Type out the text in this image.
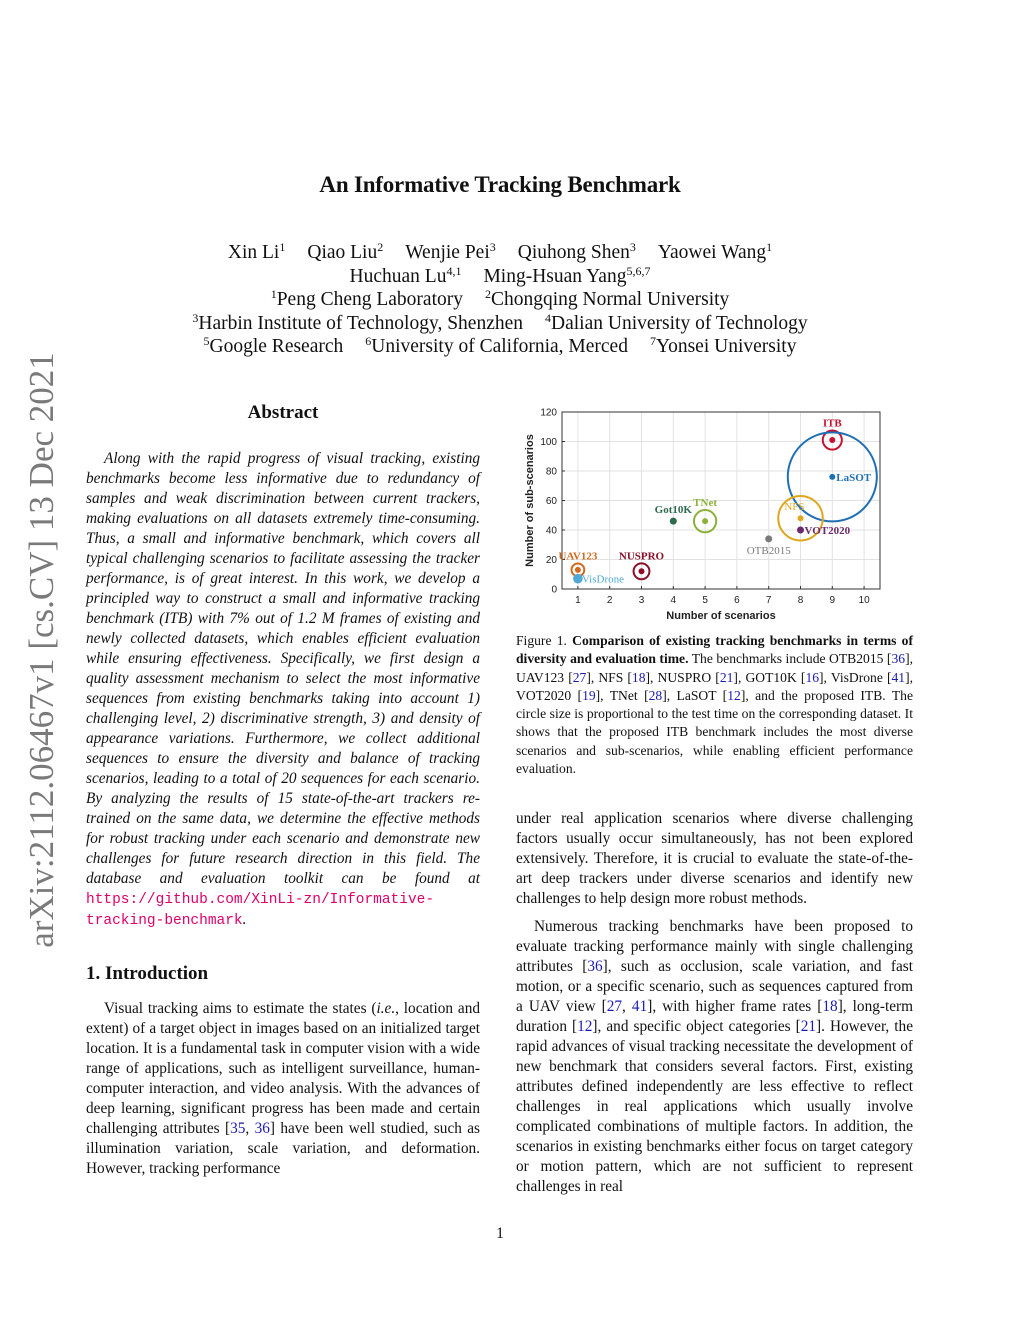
arXiv:2112.06467v1 [cs.CV] 13 Dec 2021
An Informative Tracking Benchmark
Xin Li$^1$ Qiao Liu$^2$ Wenjie Pei$^3$ Qiuhong Shen$^3$ Yaowei Wang$^1$
Huchuan Lu$^{4,1}$ Ming-Hsuan Yang$^{5,6,7}$
$^1$Peng Cheng Laboratory $^2$Chongqing Normal University
$^3$Harbin Institute of Technology, Shenzhen $^4$Dalian University of Technology
$^5$Google Research $^6$University of California, Merced $^7$Yonsei University
Abstract

Along with the rapid progress of visual tracking, existing benchmarks become less informative due to redundancy of samples and weak discrimination between current trackers, making evaluations on all datasets extremely time-consuming. Thus, a small and informative benchmark, which covers all typical challenging scenarios to facilitate assessing the tracker performance, is of great interest. In this work, we develop a principled way to construct a small and informative tracking benchmark (ITB) with 7% out of 1.2 M frames of existing and newly collected datasets, which enables efficient evaluation while ensuring effectiveness. Specifically, we first design a quality assessment mechanism to select the most informative sequences from existing benchmarks taking into account 1) challenging level, 2) discriminative strength, 3) and density of appearance variations. Furthermore, we collect additional sequences to ensure the diversity and balance of tracking scenarios, leading to a total of 20 sequences for each scenario. By analyzing the results of 15 state-of-the-art trackers re-trained on the same data, we determine the effective methods for robust tracking under each scenario and demonstrate new challenges for future research direction in this field. The database and evaluation toolkit can be found at https://github.com/XinLi-zn/Informative-tracking-benchmark.

1. Introduction

Visual tracking aims to estimate the states (i.e., location and extent) of a target object in images based on an initialized target location. It is a fundamental task in computer vision with a wide range of applications, such as intelligent surveillance, human-computer interaction, and video analysis. With the advances of deep learning, significant progress has been made and certain challenging attributes [35, 36] have been well studied, such as illumination variation, scale variation, and deformation. However, tracking performance

1	2	3	4	5	6	7	8	9 10
0
20
40
60
80
100
120
Number of scenarios
Number of sub-scenarios
ITB
LaSOT
NFS
VOT2020
OTB2015
TNet
Got10K
NUSPRO
UAV123
VisDrone
Figure 1. Comparison of existing tracking benchmarks in terms of diversity and evaluation time. The benchmarks include OTB2015 [36], UAV123 [27], NFS [18], NUSPRO [21], GOT10K [16], VisDrone [41], VOT2020 [19], TNet [28], LaSOT [12], and the proposed ITB. The circle size is proportional to the test time on the corresponding dataset. It shows that the proposed ITB benchmark includes the most diverse scenarios and sub-scenarios, while enabling efficient performance evaluation.

under real application scenarios where diverse challenging factors usually occur simultaneously, has not been explored extensively. Therefore, it is crucial to evaluate the state-of-the-art deep trackers under diverse scenarios and identify new challenges to help design more robust methods.

Numerous tracking benchmarks have been proposed to evaluate tracking performance mainly with single challenging attributes [36], such as occlusion, scale variation, and fast motion, or a specific scenario, such as sequences captured from a UAV view [27, 41], with higher frame rates [18], long-term duration [12], and specific object categories [21]. However, the rapid advances of visual tracking necessitate the development of new benchmark that considers several factors. First, existing attributes defined independently are less effective to reflect challenges in real applications which usually involve complicated combinations of multiple factors. In addition, the scenarios in existing benchmarks either focus on target category or motion pattern, which are not sufficient to represent challenges in real

1
